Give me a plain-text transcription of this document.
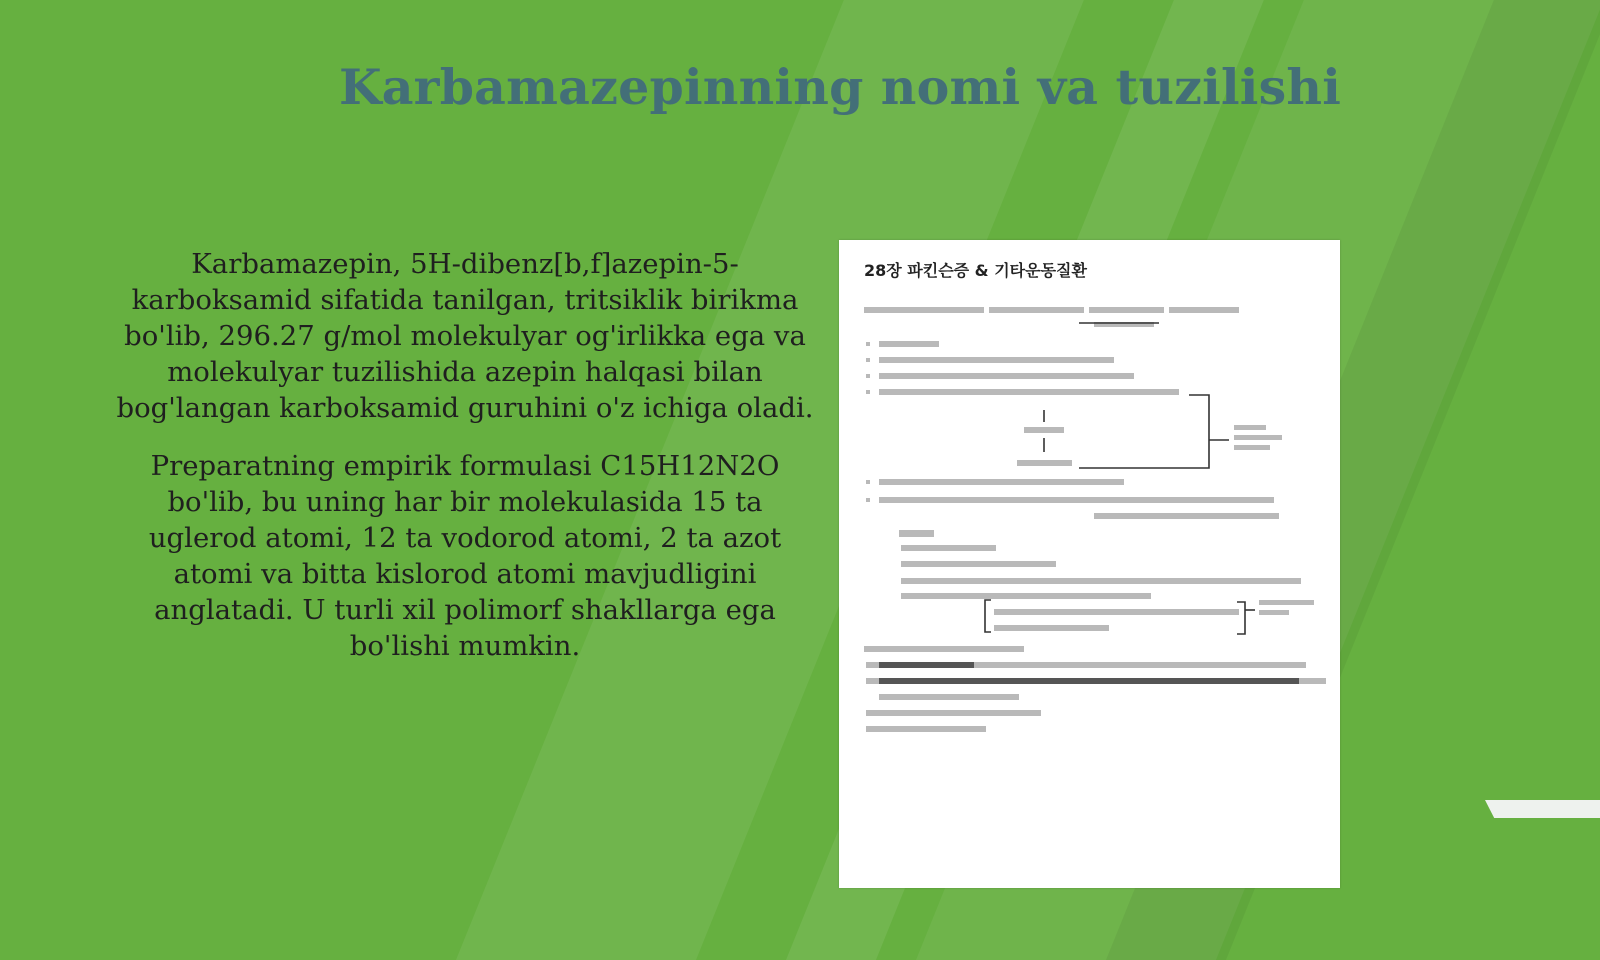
Karbamazepinning nomi va tuzilishi

Karbamazepin, 5H-dibenz[b,f]azepin-5-karboksamid sifatida tanilgan, tritsiklik birikma bo'lib, 296.27 g/mol molekulyar og'irlikka ega va molekulyar tuzilishida azepin halqasi bilan bog'langan karboksamid guruhini o'z ichiga oladi.

Preparatning empirik formulasi C15H12N2O bo'lib, bu uning har bir molekulasida 15 ta uglerod atomi, 12 ta vodorod atomi, 2 ta azot atomi va bitta kislorod atomi mavjudligini anglatadi. U turli xil polimorf shakllarga ega bo'lishi mumkin.

28장 파킨슨증 & 기타운동질환
